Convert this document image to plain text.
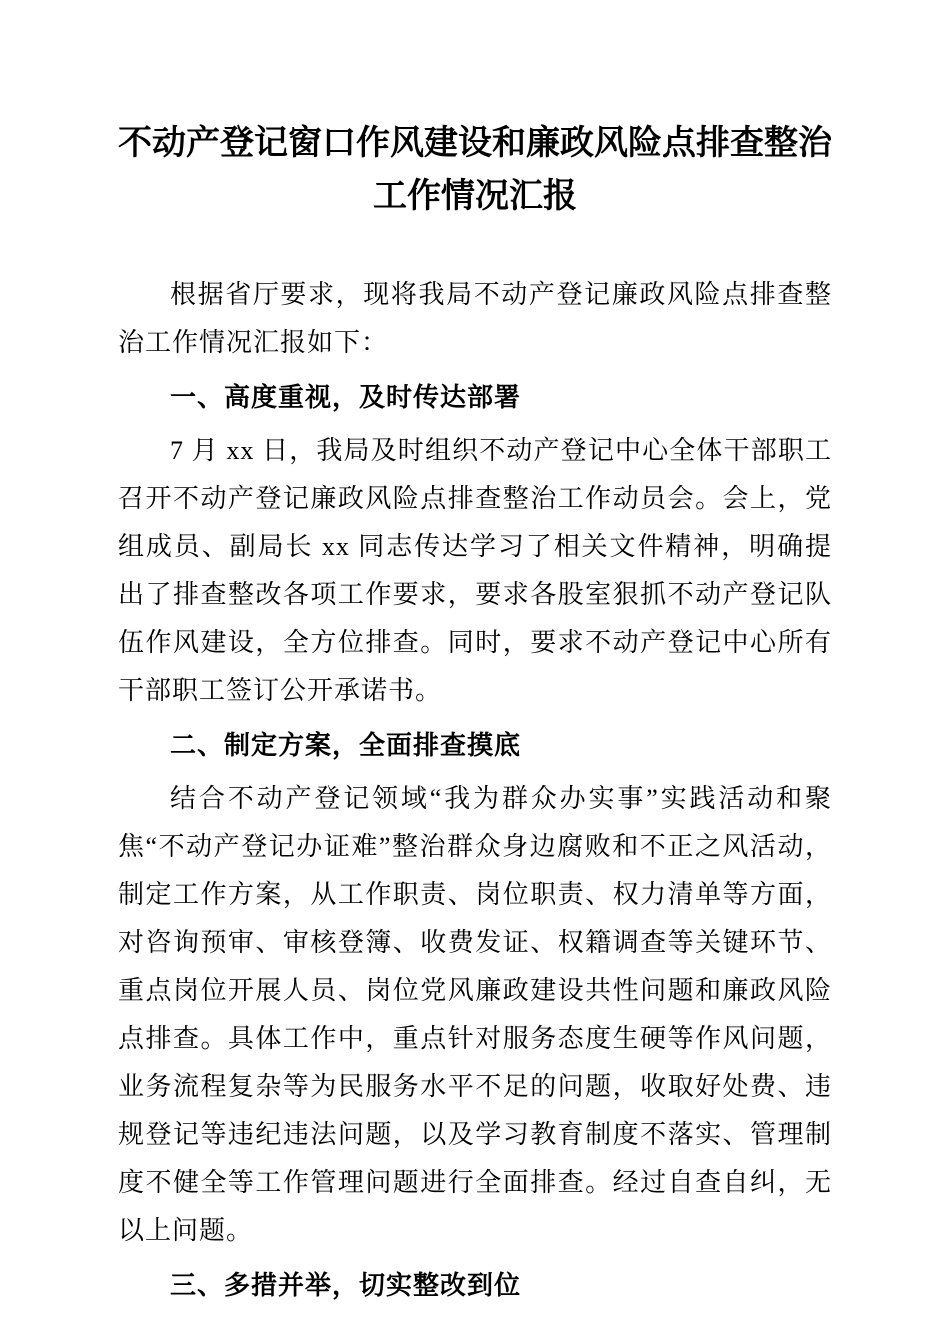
不动产登记窗口作风建设和廉政风险点排查整治工作情况汇报

根据省厅要求，现将我局不动产登记廉政风险点排查整治工作情况汇报如下：

一、高度重视，及时传达部署

7 月 xx 日，我局及时组织不动产登记中心全体干部职工召开不动产登记廉政风险点排查整治工作动员会。会上，党组成员、副局长 xx 同志传达学习了相关文件精神，明确提出了排查整改各项工作要求，要求各股室狠抓不动产登记队伍作风建设，全方位排查。同时，要求不动产登记中心所有干部职工签订公开承诺书。

二、制定方案，全面排查摸底

结合不动产登记领域“我为群众办实事”实践活动和聚焦“不动产登记办证难”整治群众身边腐败和不正之风活动，制定工作方案，从工作职责、岗位职责、权力清单等方面，对咨询预审、审核登簿、收费发证、权籍调查等关键环节、重点岗位开展人员、岗位党风廉政建设共性问题和廉政风险点排查。具体工作中，重点针对服务态度生硬等作风问题，业务流程复杂等为民服务水平不足的问题，收取好处费、违规登记等违纪违法问题，以及学习教育制度不落实、管理制度不健全等工作管理问题进行全面排查。经过自查自纠，无以上问题。

三、多措并举，切实整改到位
